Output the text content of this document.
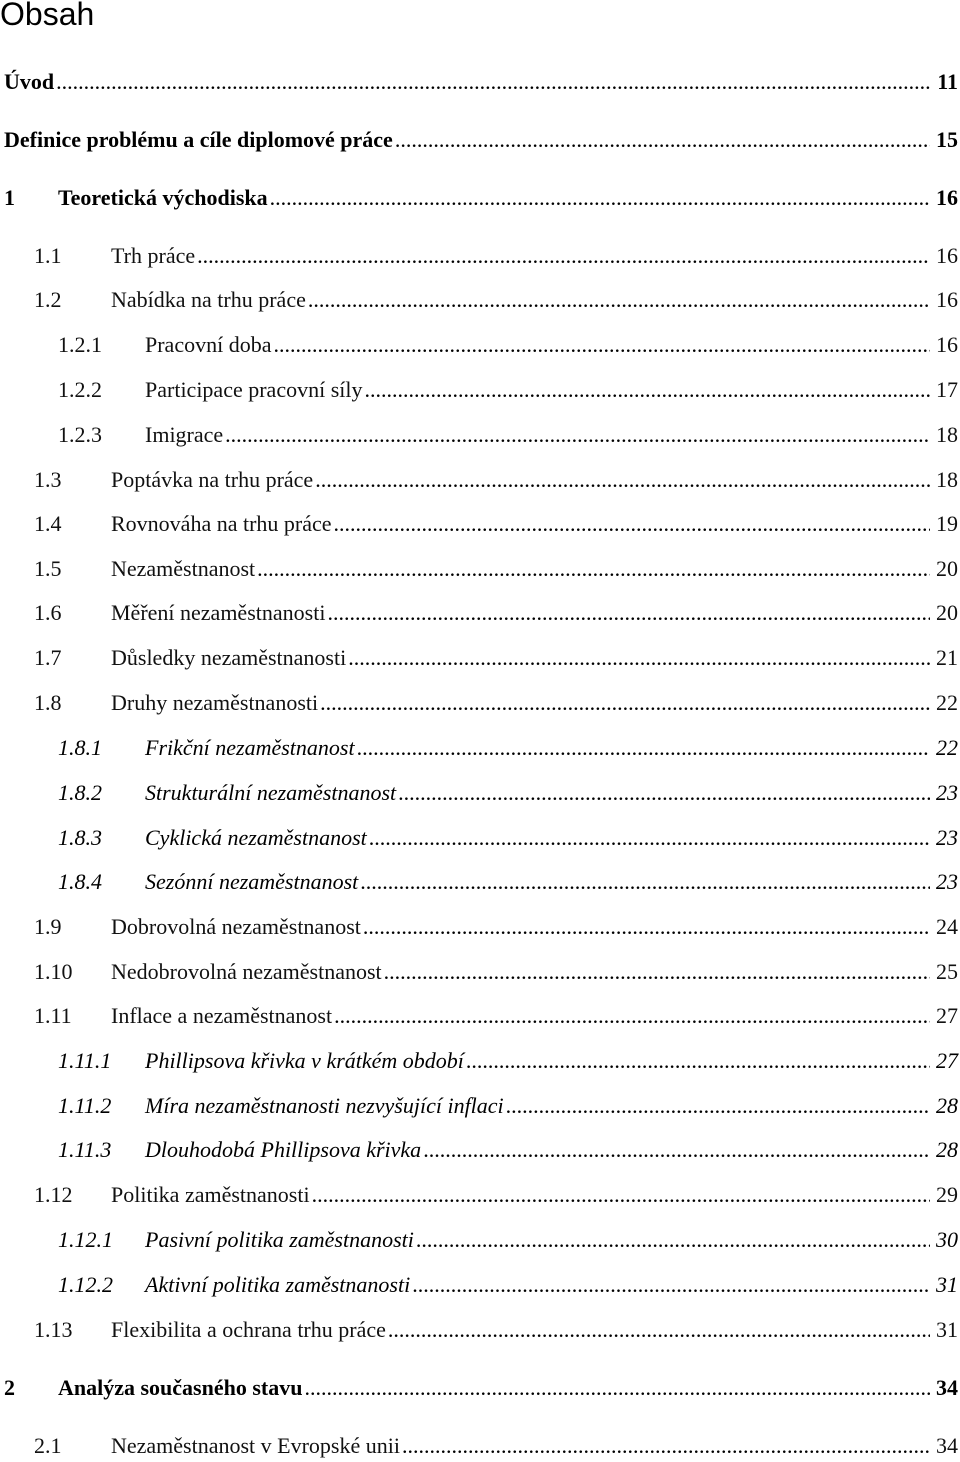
Obsah
Úvod .....	11
Definice problému a cíle diplomové práce .....	15
1	Teoretická východiska .....	16
1.1	Trh práce .....	16
1.2	Nabídka na trhu práce .....	16
1.2.1	Pracovní doba .....	16
1.2.2	Participace pracovní síly .....	17
1.2.3	Imigrace .....	18
1.3	Poptávka na trhu práce .....	18
1.4	Rovnováha na trhu práce .....	19
1.5	Nezaměstnanost .....	20
1.6	Měření nezaměstnanosti .....	20
1.7	Důsledky nezaměstnanosti .....	21
1.8	Druhy nezaměstnanosti .....	22
1.8.1	Frikční nezaměstnanost .....	22
1.8.2	Strukturální nezaměstnanost .....	23
1.8.3	Cyklická nezaměstnanost .....	23
1.8.4	Sezónní nezaměstnanost .....	23
1.9	Dobrovolná nezaměstnanost .....	24
1.10	Nedobrovolná nezaměstnanost .....	25
1.11	Inflace a nezaměstnanost .....	27
1.11.1	Phillipsova křivka v krátkém období .....	27
1.11.2	Míra nezaměstnanosti nezvyšující inflaci .....	28
1.11.3	Dlouhodobá Phillipsova křivka .....	28
1.12	Politika zaměstnanosti .....	29
1.12.1	Pasivní politika zaměstnanosti .....	30
1.12.2	Aktivní politika zaměstnanosti .....	31
1.13	Flexibilita a ochrana trhu práce .....	31
2	Analýza současného stavu .....	34
2.1	Nezaměstnanost v Evropské unii .....	34
